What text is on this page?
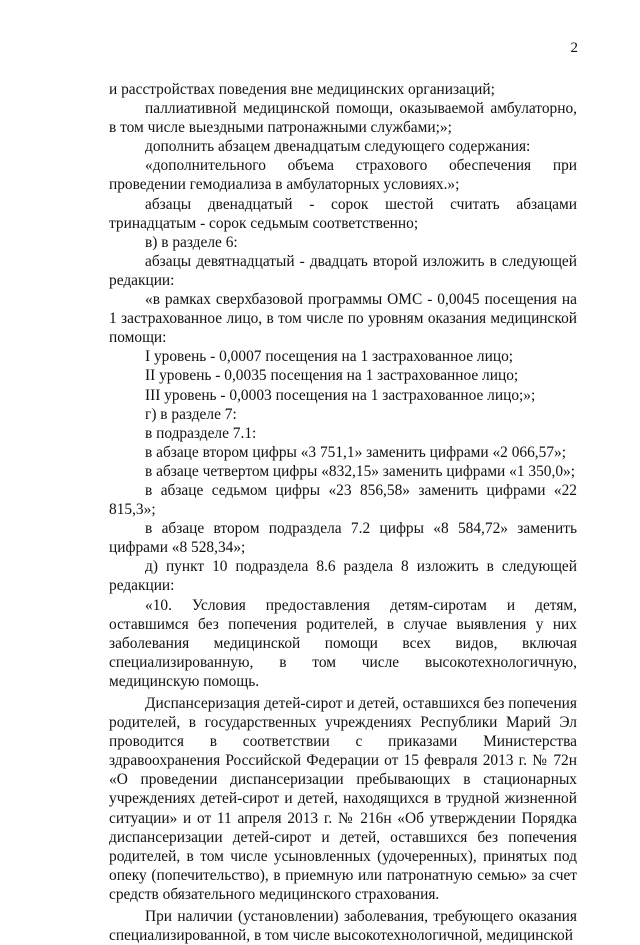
2

и расстройствах поведения вне медицинских организаций;

паллиативной медицинской помощи, оказываемой амбулаторно, в том числе выездными патронажными службами;»;

дополнить абзацем двенадцатым следующего содержания:

«дополнительного объема страхового обеспечения при проведении гемодиализа в амбулаторных условиях.»;

абзацы двенадцатый - сорок шестой считать абзацами тринадцатым - сорок седьмым соответственно;

в) в разделе 6:

абзацы девятнадцатый - двадцать второй изложить в следующей редакции:

«в рамках сверхбазовой программы ОМС - 0,0045 посещения на 1 застрахованное лицо, в том числе по уровням оказания медицинской помощи:

I уровень - 0,0007 посещения на 1 застрахованное лицо;

II уровень - 0,0035 посещения на 1 застрахованное лицо;

III уровень - 0,0003 посещения на 1 застрахованное лицо;»;

г) в разделе 7:

в подразделе 7.1:

в абзаце втором цифры «3 751,1» заменить цифрами «2 066,57»;

в абзаце четвертом цифры «832,15» заменить цифрами «1 350,0»;

в абзаце седьмом цифры «23 856,58» заменить цифрами «22 815,3»;

в абзаце втором подраздела 7.2 цифры «8 584,72» заменить цифрами «8 528,34»;

д) пункт 10 подраздела 8.6 раздела 8 изложить в следующей редакции:

«10. Условия предоставления детям-сиротам и детям, оставшимся без попечения родителей, в случае выявления у них заболевания медицинской помощи всех видов, включая специализированную, в том числе высокотехнологичную, медицинскую помощь.

Диспансеризация детей-сирот и детей, оставшихся без попечения родителей, в государственных учреждениях Республики Марий Эл проводится в соответствии с приказами Министерства здравоохранения Российской Федерации от 15 февраля 2013 г. № 72н «О проведении диспансеризации пребывающих в стационарных учреждениях детей-сирот и детей, находящихся в трудной жизненной ситуации» и от 11 апреля 2013 г. № 216н «Об утверждении Порядка диспансеризации детей-сирот и детей, оставшихся без попечения родителей, в том числе усыновленных (удочеренных), принятых под опеку (попечительство), в приемную или патронатную семью» за счет средств обязательного медицинского страхования.

При наличии (установлении) заболевания, требующего оказания специализированной, в том числе высокотехнологичной, медицинской
